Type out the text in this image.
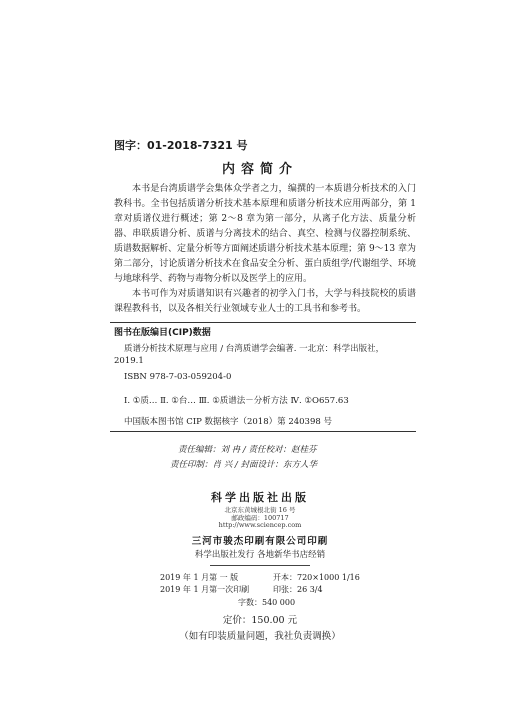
图字：01-2018-7321 号
内容简介

本书是台湾质谱学会集体众学者之力，编撰的一本质谱分析技术的入门教科书。全书包括质谱分析技术基本原理和质谱分析技术应用两部分，第 1 章对质谱仪进行概述；第 2～8 章为第一部分，从离子化方法、质量分析器、串联质谱分析、质谱与分离技术的结合、真空、检测与仪器控制系统、质谱数据解析、定量分析等方面阐述质谱分析技术基本原理；第 9～13 章为第二部分，讨论质谱分析技术在食品安全分析、蛋白质组学/代谢组学、环境与地球科学、药物与毒物分析以及医学上的应用。

本书可作为对质谱知识有兴趣者的初学入门书，大学与科技院校的质谱课程教科书，以及各相关行业领域专业人士的工具书和参考书。

图书在版编目(CIP)数据
质谱分析技术原理与应用 / 台湾质谱学会编著. 一北京：科学出版社，
2019.1
ISBN 978-7-03-059204-0
Ⅰ. ①质… Ⅱ. ①台… Ⅲ. ①质谱法－分析方法 Ⅳ. ①O657.63
中国版本图书馆 CIP 数据核字（2018）第 240398 号
责任编辑：刘 冉 / 责任校对：赵桂芬
责任印制：肖 兴 / 封面设计：东方人华
科学出版社出版
北京东黄城根北街 16 号
邮政编码：100717
http://www.sciencep.com
三河市骏杰印刷有限公司印刷
科学出版社发行 各地新华书店经销
2019 年 1 月第 一 版	开本：720×1000 1/16
2019 年 1 月第一次印刷	印张：26 3/4
字数：540 000
定价：150.00 元
（如有印装质量问题，我社负责调换）
